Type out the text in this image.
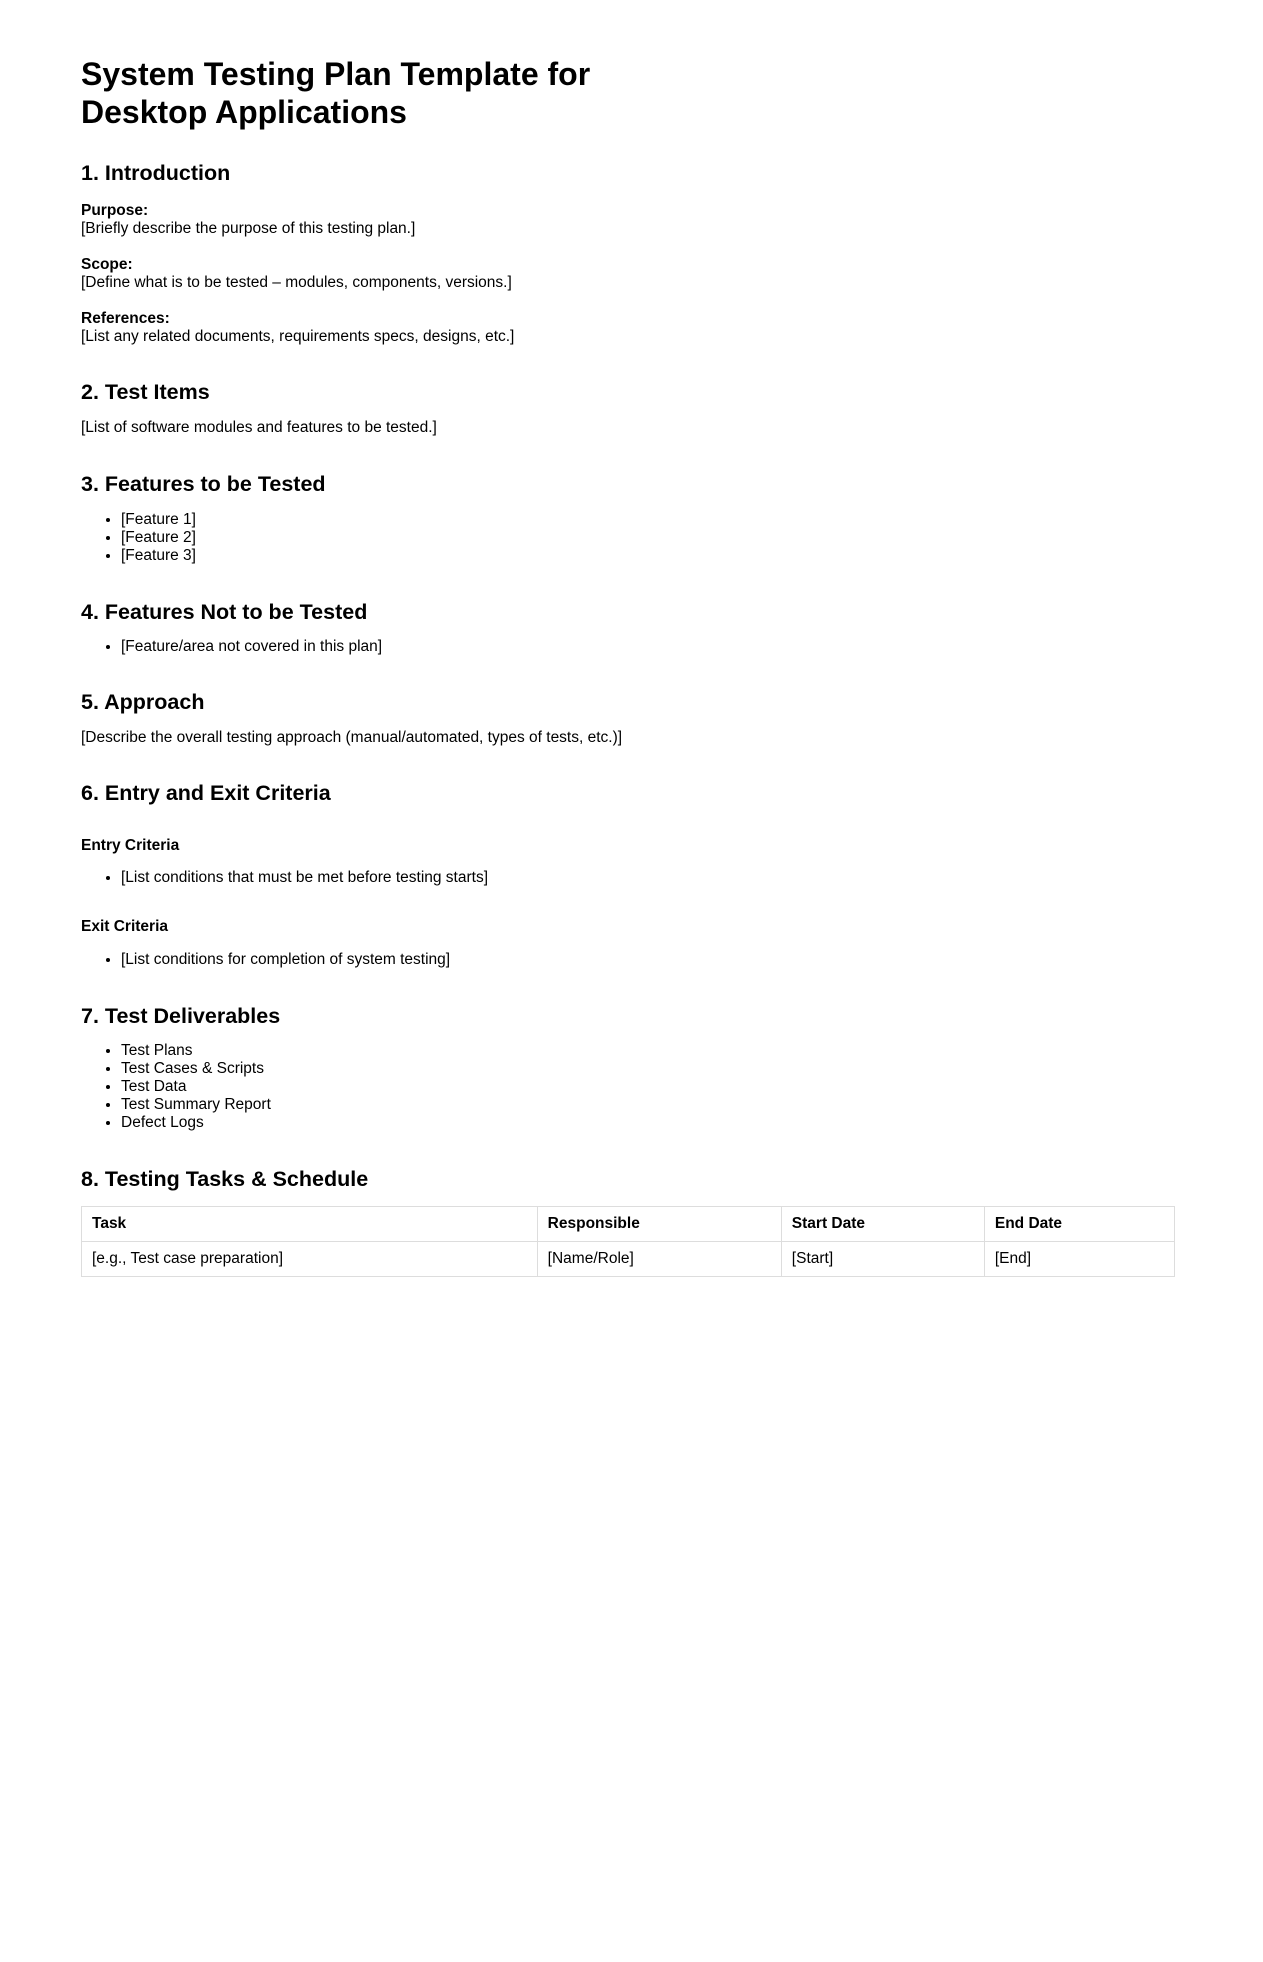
System Testing Plan Template for Desktop Applications
1. Introduction
Purpose:
[Briefly describe the purpose of this testing plan.]
Scope:
[Define what is to be tested – modules, components, versions.]
References:
[List any related documents, requirements specs, designs, etc.]
2. Test Items

[List of software modules and features to be tested.]

3. Features to be Tested
• [Feature 1]
• [Feature 2]
• [Feature 3]
4. Features Not to be Tested
• [Feature/area not covered in this plan]
5. Approach

[Describe the overall testing approach (manual/automated, types of tests, etc.)]

6. Entry and Exit Criteria
Entry Criteria
• [List conditions that must be met before testing starts]
Exit Criteria
• [List conditions for completion of system testing]
7. Test Deliverables
• Test Plans
• Test Cases & Scripts
• Test Data
• Test Summary Report
• Defect Logs
8. Testing Tasks & Schedule
Task	Responsible	Start Date	End Date
[e.g., Test case preparation]	[Name/Role]	[Start]	[End]
